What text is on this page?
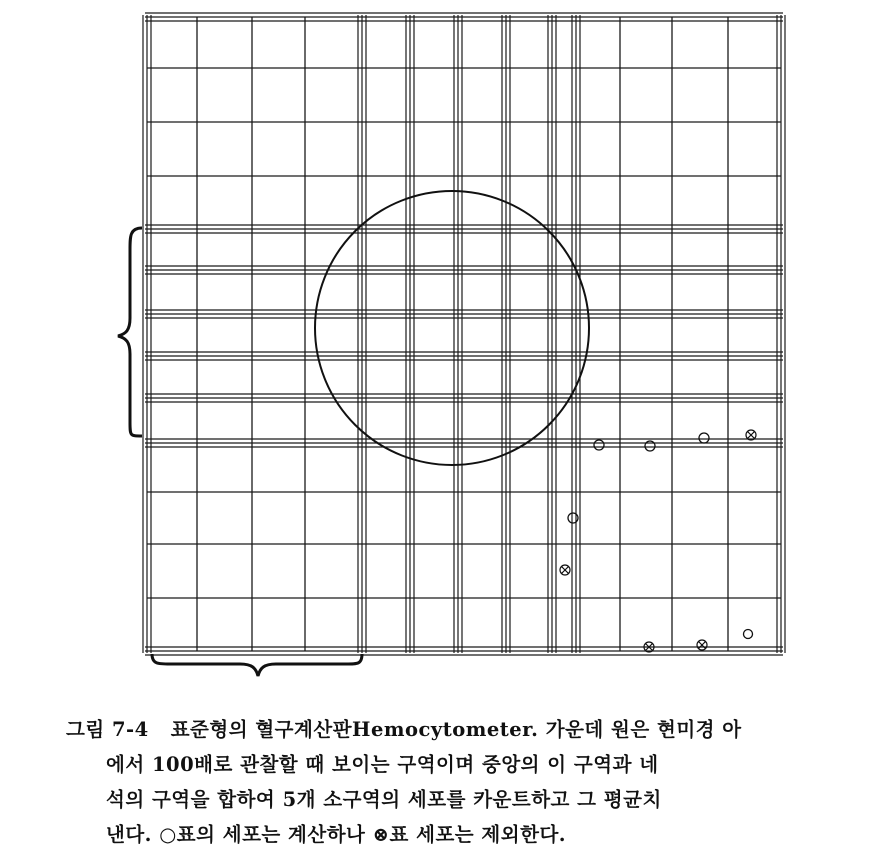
그림 7-4 표준형의 혈구계산판Hemocytometer. 가운데 원은 현미경 아
에서 100배로 관찰할 때 보이는 구역이며 중앙의 이 구역과 네
석의 구역을 합하여 5개 소구역의 세포를 카운트하고 그 평균치
낸다. ○표의 세포는 계산하나 ⊗표 세포는 제외한다.
